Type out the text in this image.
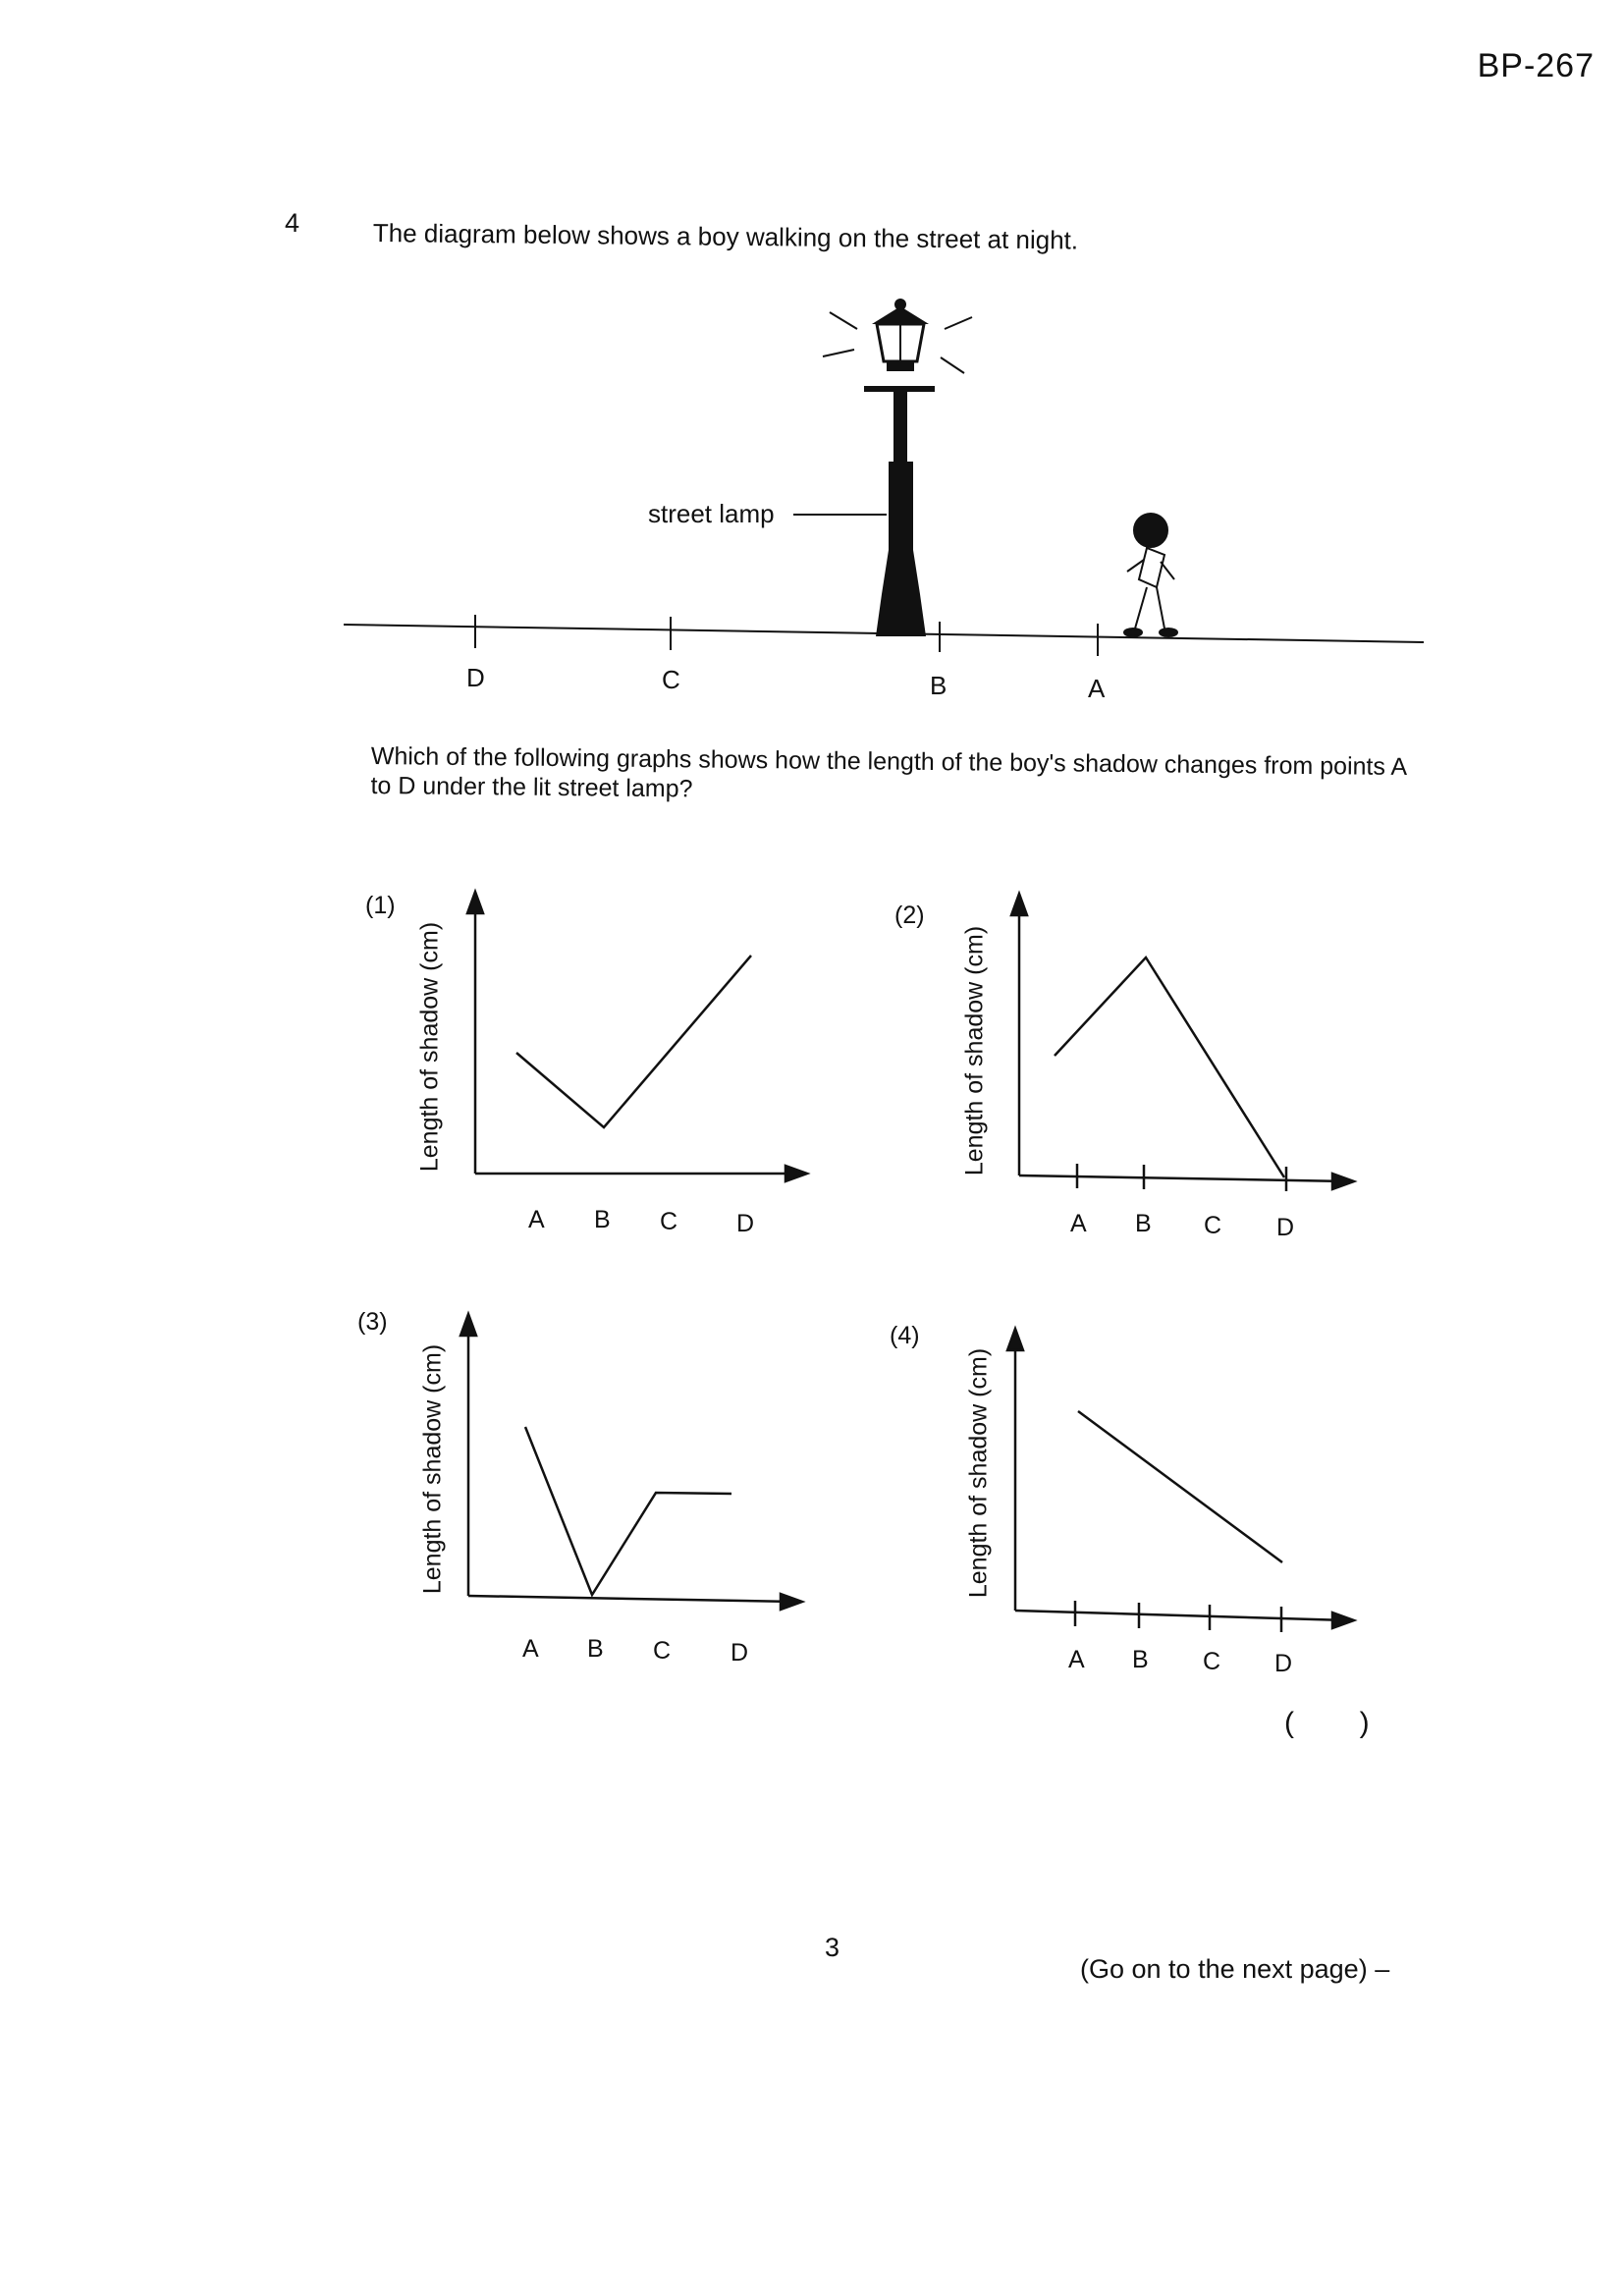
BP-267
4	The diagram below shows a boy walking on the street at night.
street lamp
D	C	B	A
Which of the following graphs shows how the length of the boy's shadow changes from points A to D under the lit street lamp?
(1)
Length of shadow (cm)
A B C D
(2)
Length of shadow (cm)
A B C D
(3)
Length of shadow (cm)
A B C D
(4)
Length of shadow (cm)
A B C D
(        )
3
(Go on to the next page) –
